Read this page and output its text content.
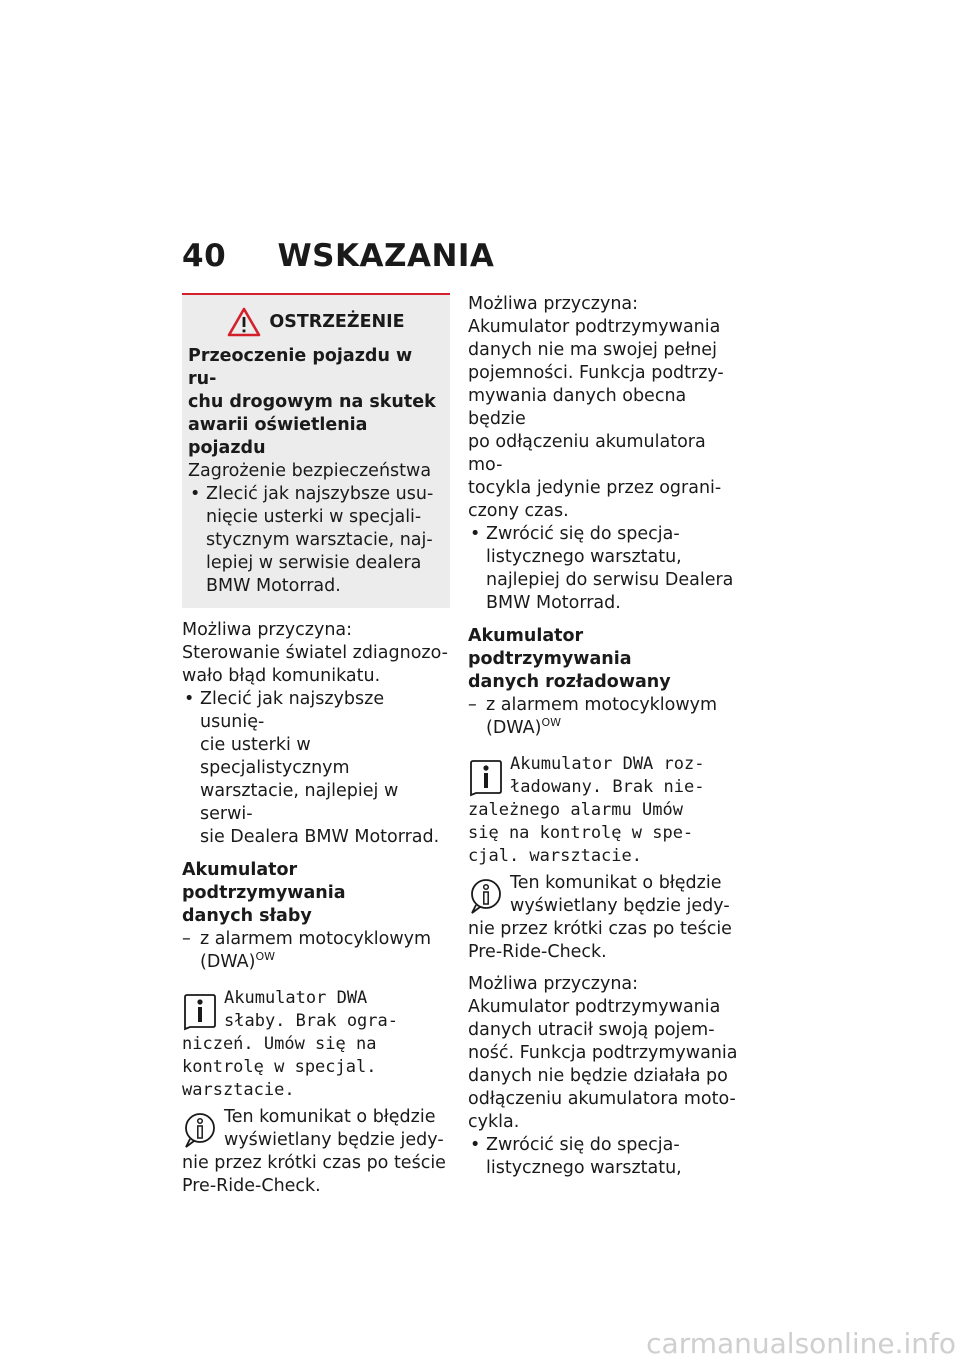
40 WSKAZANIA
OSTRZEŻENIE

Przeoczenie pojazdu w ru-

chu drogowym na skutek

awarii oświetlenia pojazdu

Zagrożenie bezpieczeństwa

• Zlecić jak najszybsze usu-

nięcie usterki w specjali-

stycznym warsztacie, naj-

lepiej w serwisie dealera

BMW Motorrad.

Możliwa przyczyna:

Sterowanie światel zdiagnozo-

wało błąd komunikatu.

• Zlecić jak najszybsze usunię-

cie usterki w specjalistycznym

warsztacie, najlepiej w serwi-

sie Dealera BMW Motorrad.

Akumulator podtrzymywania

danych słaby

– z alarmem motocyklowym

(DWA)$^{OW}$

Akumulator DWA

słaby. Brak ogra-

niczeń. Umów się na

kontrolę w specjal.

warsztacie.

Ten komunikat o błędzie

wyświetlany będzie jedy-

nie przez krótki czas po teście

Pre-Ride-Check.

Możliwa przyczyna:

Akumulator podtrzymywania

danych nie ma swojej pełnej

pojemności. Funkcja podtrzy-

mywania danych obecna będzie

po odłączeniu akumulatora mo-

tocykla jedynie przez ograni-

czony czas.

• Zwrócić się do specja-

listycznego warsztatu,

najlepiej do serwisu Dealera

BMW Motorrad.

Akumulator podtrzymywania

danych rozładowany

– z alarmem motocyklowym

(DWA)$^{OW}$

Akumulator DWA roz-

ładowany. Brak nie-

zależnego alarmu Umów

się na kontrolę w spe-

cjal. warsztacie.

Ten komunikat o błędzie

wyświetlany będzie jedy-

nie przez krótki czas po teście

Pre-Ride-Check.

Możliwa przyczyna:

Akumulator podtrzymywania

danych utracił swoją pojem-

ność. Funkcja podtrzymywania

danych nie będzie działała po

odłączeniu akumulatora moto-

cykla.

• Zwrócić się do specja-

listycznego warsztatu,

carmanualsonline.info
